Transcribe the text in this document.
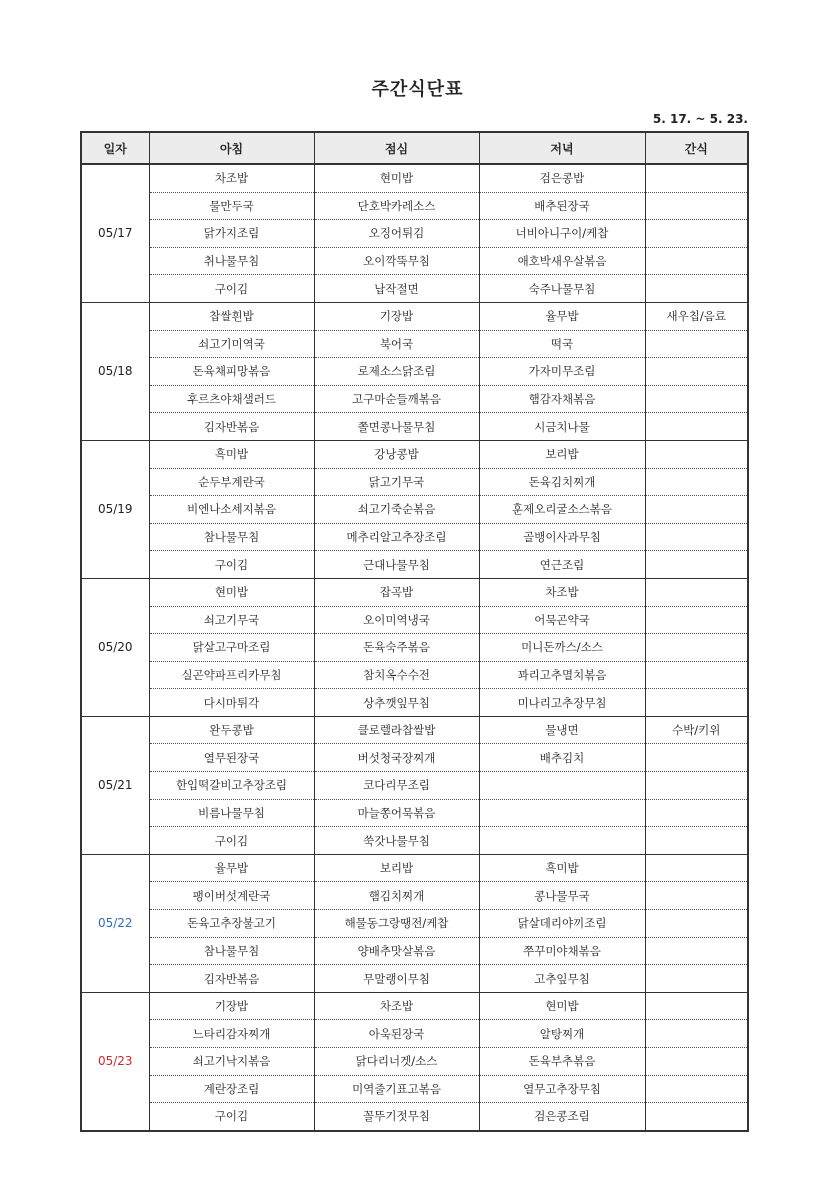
주간식단표
5. 17. ~ 5. 23.
일자	아침	점심	저녁	간식
05/17	차조밥	현미밥	검은콩밥	
	물만두국	단호박카레소스	배추된장국	
	닭가지조림	오징어튀김	너비아니구이/케찹	
	취나물무침	오이깍뚝무침	애호박새우살볶음	
	구이김	납작절면	숙주나물무침	
05/18	찹쌀흰밥	기장밥	율무밥	새우칩/음료
	쇠고기미역국	북어국	떡국	
	돈육채피망볶음	로제소스닭조림	가자미무조림	
	후르츠야채샐러드	고구마순들깨볶음	햄감자채볶음	
	김자반볶음	쫄면콩나물무침	시금치나물	
05/19	흑미밥	강낭콩밥	보리밥	
	순두부계란국	닭고기무국	돈육김치찌개	
	비엔나소세지볶음	쇠고기죽순볶음	훈제오리굴소스볶음	
	참나물무침	메추리알고추장조림	골뱅이사과무침	
	구이김	근대나물무침	연근조림	
05/20	현미밥	잡곡밥	차조밥	
	쇠고기무국	오이미역냉국	어묵곤약국	
	닭살고구마조림	돈육숙주볶음	미니돈까스/소스	
	실곤약파프리카무침	참치옥수수전	꽈리고추멸치볶음	
	다시마튀각	상추깻잎무침	미나리고추장무침	
05/21	완두콩밥	클로렐라찹쌀밥	물냉면	수박/키위
	열무된장국	버섯청국장찌개	배추김치	
	한입떡갈비고추장조림	코다리무조림		
	비름나물무침	마늘쫑어묵볶음		
	구이김	쑥갓나물무침		
05/22	율무밥	보리밥	흑미밥	
	팽이버섯계란국	햄김치찌개	콩나물무국	
	돈육고추장불고기	해물동그랑땡전/케찹	닭살데리야끼조림	
	참나물무침	양배추맛살볶음	쭈꾸미야채볶음	
	김자반볶음	무말랭이무침	고추잎무침	
05/23	기장밥	차조밥	현미밥	
	느타리감자찌개	아욱된장국	알탕찌개	
	쇠고기낙지볶음	닭다리너겟/소스	돈육부추볶음	
	계란장조림	미역줄기표고볶음	열무고추장무침	
	구이김	꼴뚜기젓무침	검은콩조림	
